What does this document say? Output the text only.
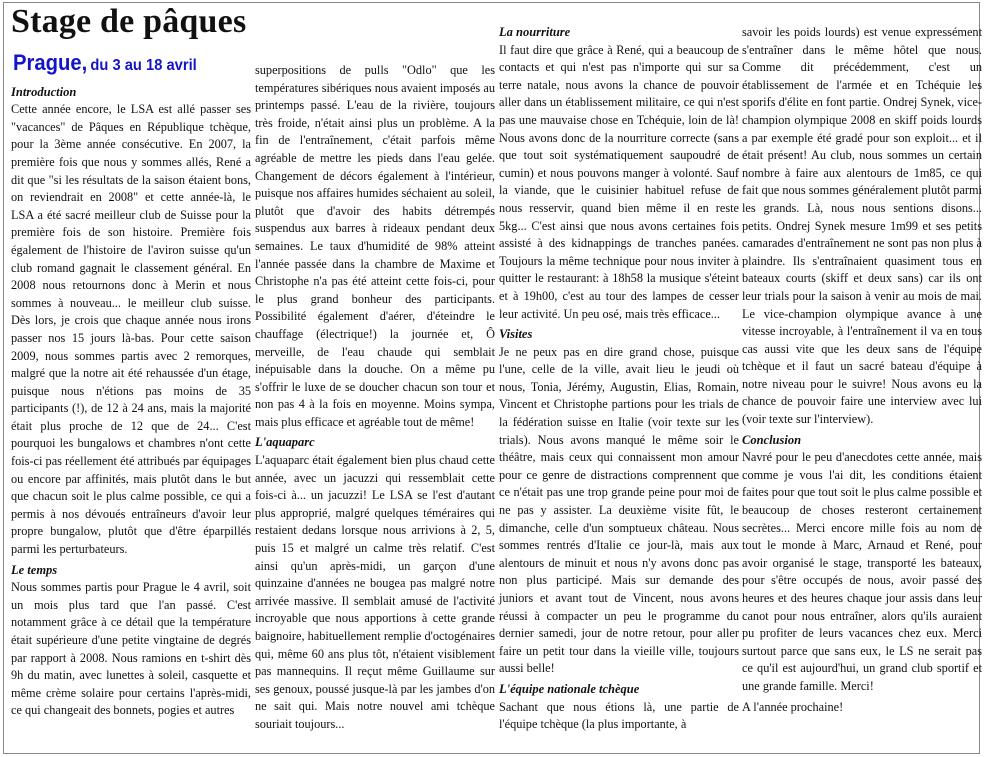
Stage de pâques
Prague, du 3 au 18 avril
Introduction

Cette année encore, le LSA est allé passer ses "vacances" de Pâques en République tchèque, pour la 3ème année consécutive. En 2007, la première fois que nous y sommes allés, René a dit que "si les résultats de la saison étaient bons, on reviendrait en 2008" et cette année-là, le LSA a été sacré meilleur club de Suisse pour la première fois de son histoire. Première fois également de l'histoire de l'aviron suisse qu'un club romand gagnait le classement général. En 2008 nous retournons donc à Merin et nous sommes à nouveau... le meilleur club suisse. Dès lors, je crois que chaque année nous irons passer nos 15 jours là-bas. Pour cette saison 2009, nous sommes partis avec 2 remorques, malgré que la notre ait été rehaussée d'un étage, puisque nous n'étions pas moins de 35 participants (!), de 12 à 24 ans, mais la majorité était plus proche de 12 que de 24... C'est pourquoi les bungalows et chambres n'ont cette fois-ci pas réellement été attribués par équipages ou encore par affinités, mais plutôt dans le but que chacun soit le plus calme possible, ce qui a permis à nos dévoués entraîneurs d'avoir leur propre bungalow, plutôt que d'être éparpillés parmi les perturbateurs.

Le temps

Nous sommes partis pour Prague le 4 avril, soit un mois plus tard que l'an passé. C'est notamment grâce à ce détail que la température était supérieure d'une petite vingtaine de degrés par rapport à 2008. Nous ramions en t-shirt dès 9h du matin, avec lunettes à soleil, casquette et même crème solaire pour certains l'après-midi, ce qui changeait des bonnets, pogies et autres

superpositions de pulls "Odlo" que les températures sibériques nous avaient imposés au printemps passé. L'eau de la rivière, toujours très froide, n'était ainsi plus un problème. A la fin de l'entraînement, c'était parfois même agréable de mettre les pieds dans l'eau gelée. Changement de décors également à l'intérieur, puisque nos affaires humides séchaient au soleil, plutôt que d'avoir des habits détrempés suspendus aux barres à rideaux pendant deux semaines. Le taux d'humidité de 98% atteint l'année passée dans la chambre de Maxime et Christophe n'a pas été atteint cette fois-ci, pour le plus grand bonheur des participants. Possibilité également d'aérer, d'éteindre le chauffage (électrique!) la journée et, Ô merveille, de l'eau chaude qui semblait inépuisable dans la douche. On a même pu s'offrir le luxe de se doucher chacun son tour et non pas 4 à la fois en moyenne. Moins sympa, mais plus efficace et agréable tout de même!

L'aquaparc

L'aquaparc était également bien plus chaud cette année, avec un jacuzzi qui ressemblait cette fois-ci à... un jacuzzi! Le LSA se l'est d'autant plus approprié, malgré quelques téméraires qui restaient dedans lorsque nous arrivions à 2, 5, puis 15 et malgré un calme très relatif. C'est ainsi qu'un après-midi, un garçon d'une quinzaine d'années ne bougea pas malgré notre arrivée massive. Il semblait amusé de l'activité incroyable que nous apportions à cette grande baignoire, habituellement remplie d'octogénaires qui, même 60 ans plus tôt, n'étaient visiblement pas mannequins. Il reçut même Guillaume sur ses genoux, poussé jusque-là par les jambes d'on ne sait qui. Mais notre nouvel ami tchèque souriait toujours...

La nourriture

Il faut dire que grâce à René, qui a beaucoup de contacts et qui n'est pas n'importe qui sur sa terre natale, nous avons la chance de pouvoir aller dans un établissement militaire, ce qui n'est pas une mauvaise chose en Tchéquie, loin de là! Nous avons donc de la nourriture correcte (sans que tout soit systématiquement saupoudré de cumin) et nous pouvons manger à volonté. Sauf la viande, que le cuisinier habituel refuse de nous resservir, quand bien même il en reste 5kg... C'est ainsi que nous avons certaines fois assisté à des kidnappings de tranches panées. Toujours la même technique pour nous inviter à quitter le restaurant: à 18h58 la musique s'éteint et à 19h00, c'est au tour des lampes de cesser leur activité. Un peu osé, mais très efficace...

Visites

Je ne peux pas en dire grand chose, puisque l'une, celle de la ville, avait lieu le jeudi où nous, Tonia, Jérémy, Augustin, Elias, Romain, Vincent et Christophe partions pour les trials de la fédération suisse en Italie (voir texte sur les trials). Nous avons manqué le même soir le théâtre, mais ceux qui connaissent mon amour pour ce genre de distractions comprennent que ce n'était pas une trop grande peine pour moi de ne pas y assister. La deuxième visite fût, le dimanche, celle d'un somptueux château. Nous sommes rentrés d'Italie ce jour-là, mais aux alentours de minuit et nous n'y avons donc pas non plus participé. Mais sur demande des juniors et avant tout de Vincent, nous avons réussi à compacter un peu le programme du dernier samedi, jour de notre retour, pour aller faire un petit tour dans la vieille ville, toujours aussi belle!

L'équipe nationale tchèque

Sachant que nous étions là, une partie de l'équipe tchèque (la plus importante, à

savoir les poids lourds) est venue expressément s'entraîner dans le même hôtel que nous. Comme dit précédemment, c'est un établissement de l'armée et en Tchéquie les sporifs d'élite en font partie. Ondrej Synek, vice-champion olympique 2008 en skiff poids lourds a par exemple été gradé pour son exploit... et il était présent! Au club, nous sommes un certain nombre à faire aux alentours de 1m85, ce qui fait que nous sommes généralement plutôt parmi les grands. Là, nous nous sentions disons... petits. Ondrej Synek mesure 1m99 et ses petits camarades d'entraînement ne sont pas non plus à plaindre. Ils s'entraînaient quasiment tous en bateaux courts (skiff et deux sans) car ils ont leur trials pour la saison à venir au mois de mai. Le vice-champion olympique avance à une vitesse incroyable, à l'entraînement il va en tous cas aussi vite que les deux sans de l'équipe tchèque et il faut un sacré bateau d'équipe à notre niveau pour le suivre! Nous avons eu la chance de pouvoir faire une interview avec lui (voir texte sur l'interview).

Conclusion

Navré pour le peu d'anecdotes cette année, mais comme je vous l'ai dit, les conditions étaient faites pour que tout soit le plus calme possible et beaucoup de choses resteront certainement secrètes... Merci encore mille fois au nom de tout le monde à Marc, Arnaud et René, pour avoir organisé le stage, transporté les bateaux, pour s'être occupés de nous, avoir passé des heures et des heures chaque jour assis dans leur canot pour nous entraîner, alors qu'ils auraient pu profiter de leurs vacances chez eux. Merci surtout parce que sans eux, le LS ne serait pas ce qu'il est aujourd'hui, un grand club sportif et une grande famille. Merci!

A l'année prochaine!
